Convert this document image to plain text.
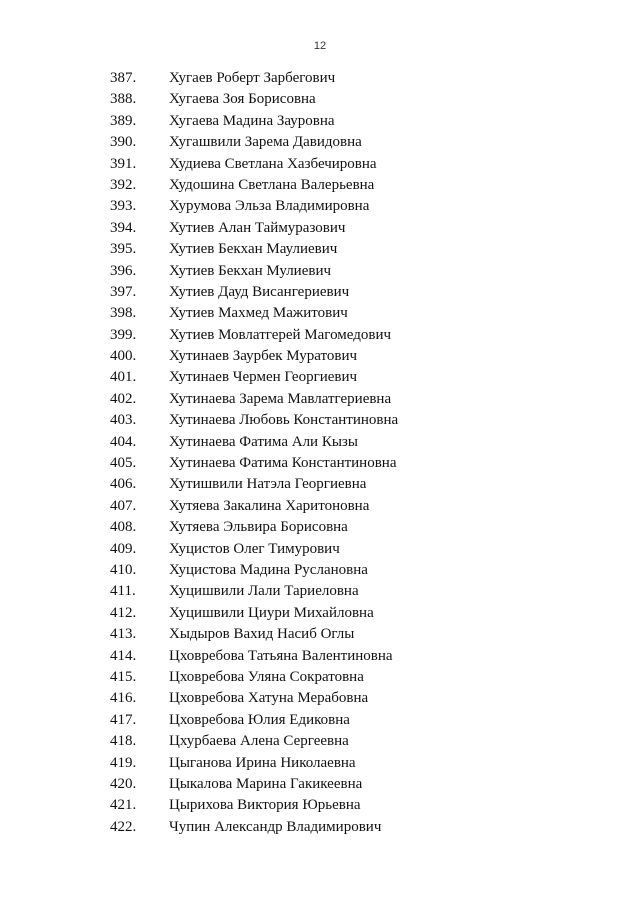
12
387.	Хугаев Роберт Зарбегович
388.	Хугаева Зоя Борисовна
389.	Хугаева Мадина Зауровна
390.	Хугашвили Зарема Давидовна
391.	Худиева Светлана Хазбечировна
392.	Худошина Светлана Валерьевна
393.	Хурумова Эльза Владимировна
394.	Хутиев Алан Таймуразович
395.	Хутиев Бекхан Маулиевич
396.	Хутиев Бекхан Мулиевич
397.	Хутиев Дауд Висангериевич
398.	Хутиев Махмед Мажитович
399.	Хутиев Мовлатгерей Магомедович
400.	Хутинаев Заурбек Муратович
401.	Хутинаев Чермен Георгиевич
402.	Хутинаева Зарема Мавлатгериевна
403.	Хутинаева Любовь Константиновна
404.	Хутинаева Фатима Али Кызы
405.	Хутинаева Фатима Константиновна
406.	Хутишвили Натэла Георгиевна
407.	Хутяева Закалина Харитоновна
408.	Хутяева Эльвира Борисовна
409.	Хуцистов Олег Тимурович
410.	Хуцистова Мадина Руслановна
411.	Хуцишвили Лали Тариеловна
412.	Хуцишвили Циури Михайловна
413.	Хыдыров Вахид Насиб Оглы
414.	Цховребова Татьяна Валентиновна
415.	Цховребова Уляна Сократовна
416.	Цховребова Хатуна Мерабовна
417.	Цховребова Юлия Едиковна
418.	Цхурбаева Алена Сергеевна
419.	Цыганова Ирина Николаевна
420.	Цыкалова Марина Гакикеевна
421.	Цырихова Виктория Юрьевна
422.	Чупин Александр Владимирович
